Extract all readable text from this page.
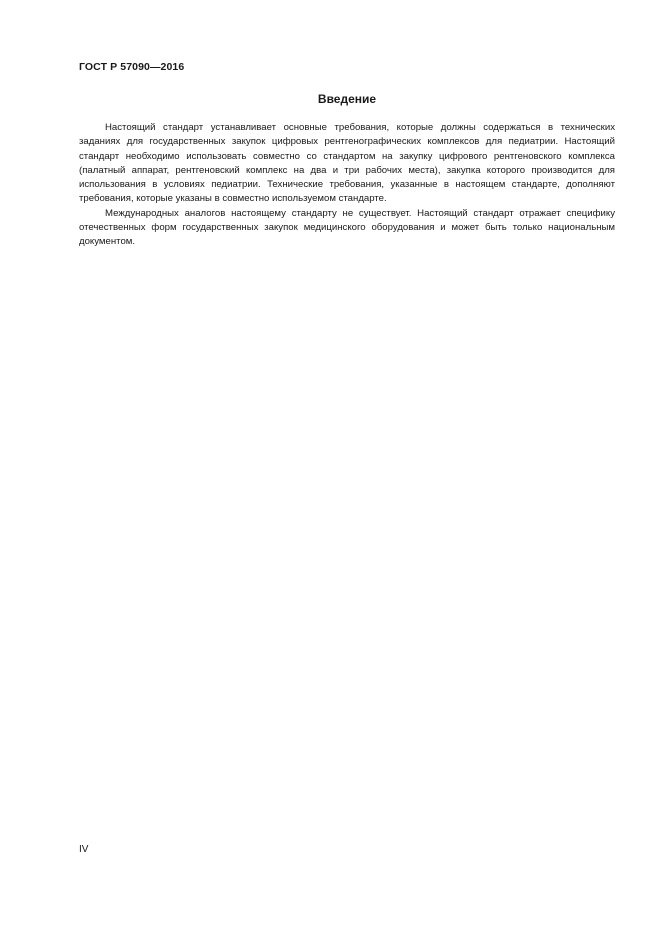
ГОСТ Р 57090—2016
Введение

Настоящий стандарт устанавливает основные требования, которые должны содержаться в технических заданиях для государственных закупок цифровых рентгенографических комплексов для педиатрии. Настоящий стандарт необходимо использовать совместно со стандартом на закупку цифрового рентгеновского комплекса (палатный аппарат, рентгеновский комплекс на два и три рабочих места), закупка которого производится для использования в условиях педиатрии. Технические требования, указанные в настоящем стандарте, дополняют требования, которые указаны в совместно используемом стандарте.

Международных аналогов настоящему стандарту не существует. Настоящий стандарт отражает специфику отечественных форм государственных закупок медицинского оборудования и может быть только национальным документом.

IV
